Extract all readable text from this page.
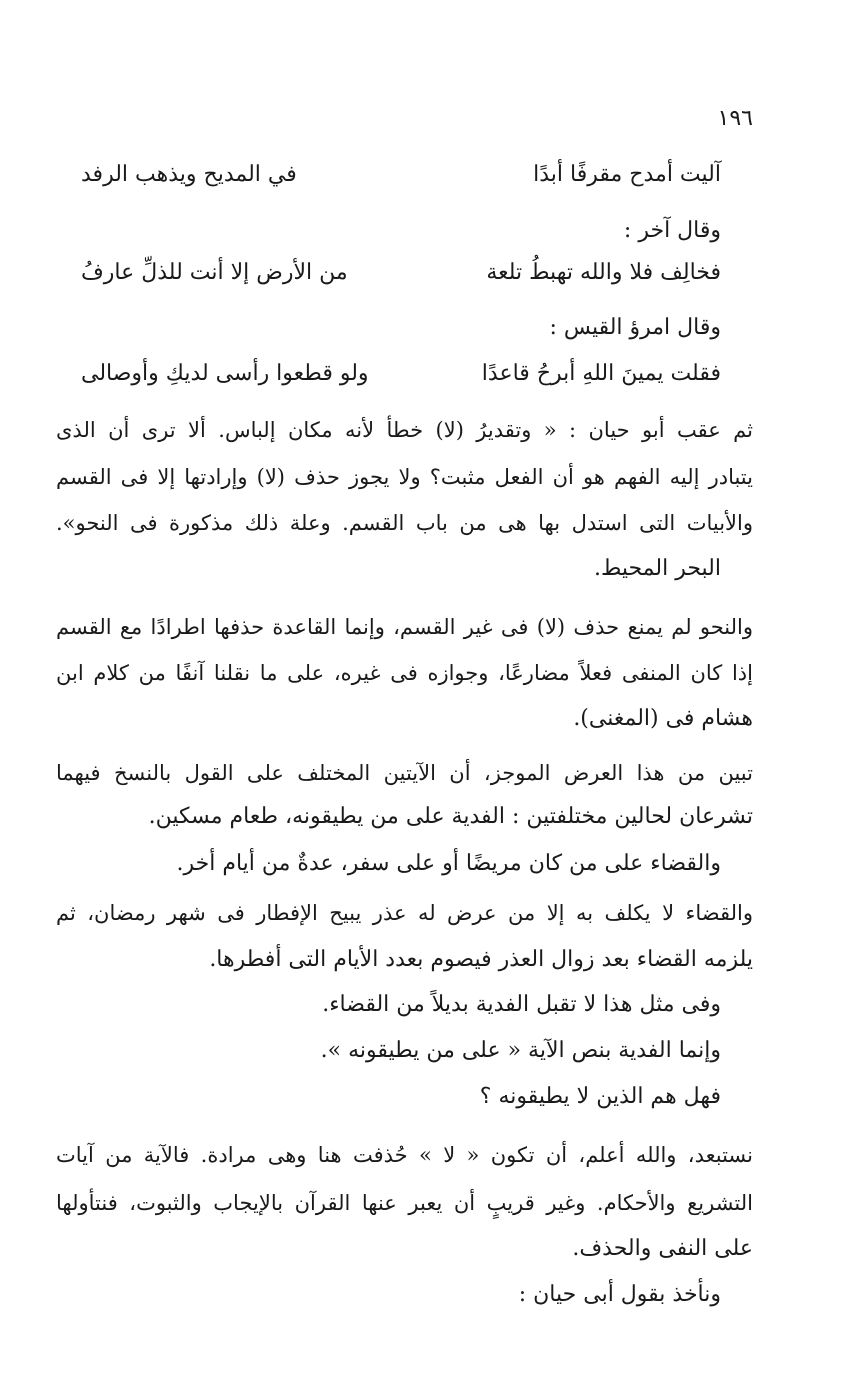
١٩٦
آليت أمدح مقرفًا أبدًا
في المديح ويذهب الرفد
وقال آخر :
فخالِف فلا والله تهبطُ تلعة
من الأرض إلا أنت للذلِّ عارفُ
وقال امرؤ القيس :
فقلت يمينَ اللهِ أبرحُ قاعدًا
ولو قطعوا رأسى لديكِ وأوصالى
ثم عقب أبو حيان : « وتقديرُ (لا) خطأ لأنه مكان إلباس. ألا ترى أن الذى
يتبادر إليه الفهم هو أن الفعل مثبت؟ ولا يجوز حذف (لا) وإرادتها إلا فى القسم
والأبيات التى استدل بها هى من باب القسم. وعلة ذلك مذكورة فى النحو».
البحر المحيط.
والنحو لم يمنع حذف (لا) فى غير القسم، وإنما القاعدة حذفها اطرادًا مع القسم
إذا كان المنفى فعلاً مضارعًا، وجوازه فى غيره، على ما نقلنا آنفًا من كلام ابن
هشام فى (المغنى).
تبين من هذا العرض الموجز، أن الآيتين المختلف على القول بالنسخ فيهما
تشرعان لحالين مختلفتين : الفدية على من يطيقونه، طعام مسكين.
والقضاء على من كان مريضًا أو على سفر، عدةٌ من أيام أخر.
والقضاء لا يكلف به إلا من عرض له عذر يبيح الإفطار فى شهر رمضان، ثم
يلزمه القضاء بعد زوال العذر فيصوم بعدد الأيام التى أفطرها.
وفى مثل هذا لا تقبل الفدية بديلاً من القضاء.
وإنما الفدية بنص الآية « على من يطيقونه ».
فهل هم الذين لا يطيقونه ؟
نستبعد، والله أعلم، أن تكون « لا » حُذفت هنا وهى مرادة. فالآية من آيات
التشريع والأحكام. وغير قريبٍ أن يعبر عنها القرآن بالإيجاب والثبوت، فنتأولها
على النفى والحذف.
ونأخذ بقول أبى حيان :
